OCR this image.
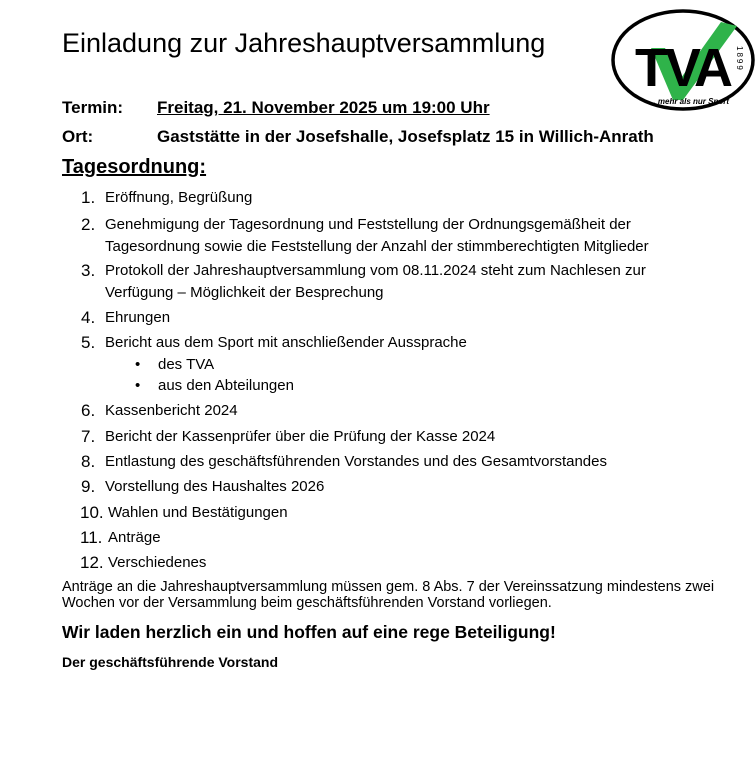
Einladung zur Jahreshauptversammlung TVA 1899
... mehr als nur Sport
Termin: Freitag, 21. November 2025 um 19:00 Uhr
Ort:	Gaststätte in der Josefshalle, Josefsplatz 15 in Willich-Anrath
Tagesordnung:
1. Eröffnung, Begrüßung
2. Genehmigung der Tagesordnung und Feststellung der Ordnungsgemäßheit der
Tagesordnung sowie die Feststellung der Anzahl der stimmberechtigten Mitglieder
3. Protokoll der Jahreshauptversammlung vom 08.11.2024 steht zum Nachlesen zur
Verfügung – Möglichkeit der Besprechung
4. Ehrungen
5. Bericht aus dem Sport mit anschließender Aussprache
• des TVA
• aus den Abteilungen
6. Kassenbericht 2024
7. Bericht der Kassenprüfer über die Prüfung der Kasse 2024
8. Entlastung des geschäftsführenden Vorstandes und des Gesamtvorstandes
9. Vorstellung des Haushaltes 2026
10. Wahlen und Bestätigungen
11. Anträge
12. Verschiedenes
Anträge an die Jahreshauptversammlung müssen gem. 8 Abs. 7 der Vereinssatzung mindestens zwei Wochen vor der Versammlung beim geschäftsführenden Vorstand vorliegen.
Wir laden herzlich ein und hoffen auf eine rege Beteiligung!
Der geschäftsführende Vorstand
